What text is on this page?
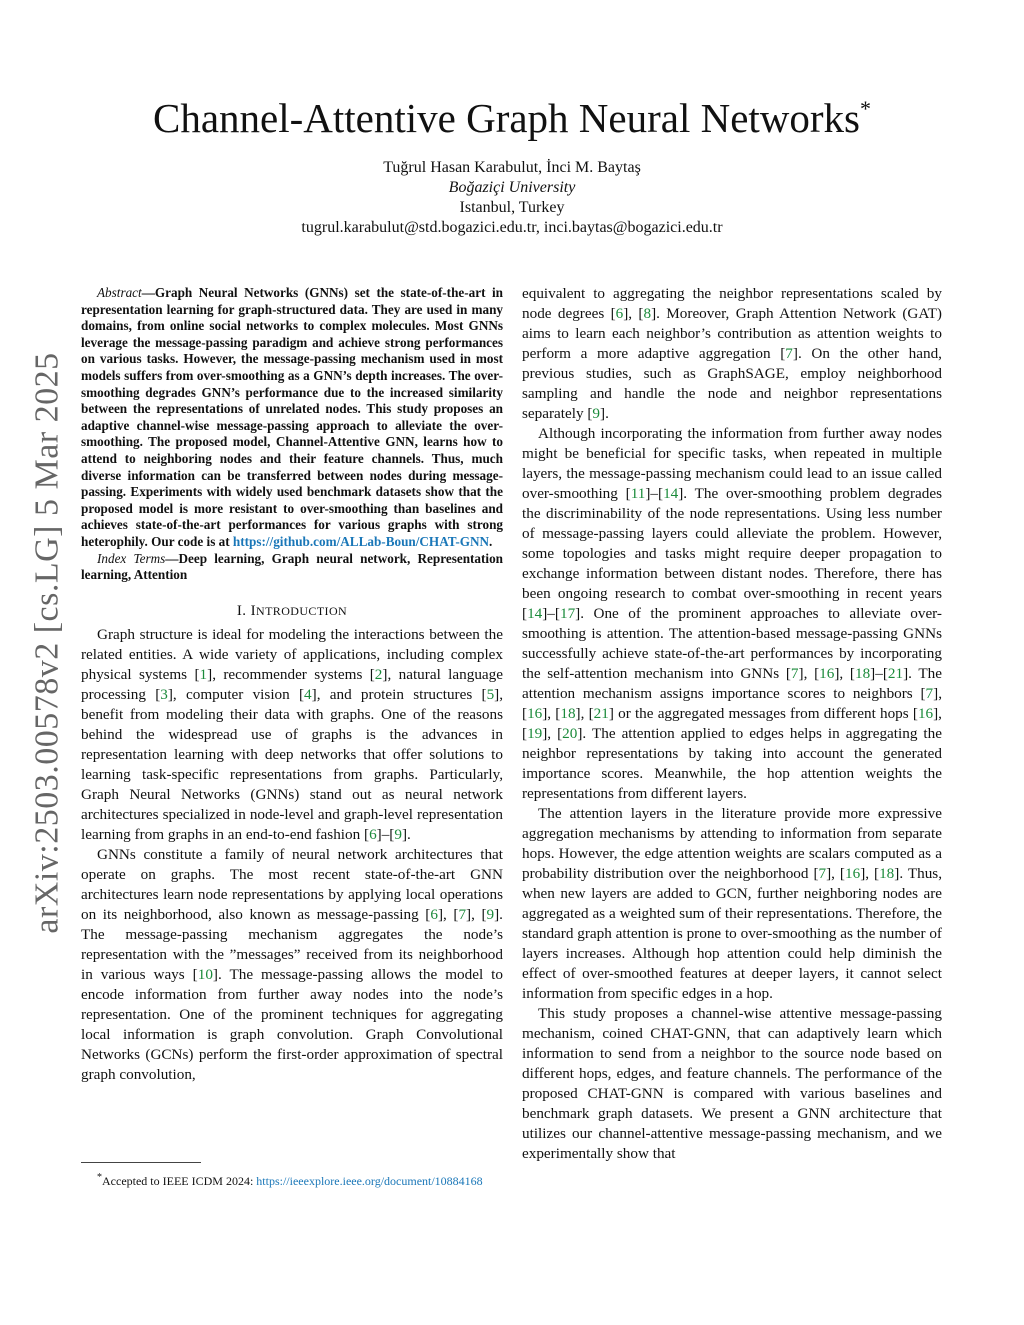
arXiv:2503.00578v2 [cs.LG] 5 Mar 2025
Channel-Attentive Graph Neural Networks*
Tuğrul Hasan Karabulut, İnci M. Baytaş
Boğaziçi University
Istanbul, Turkey
tugrul.karabulut@std.bogazici.edu.tr, inci.baytas@bogazici.edu.tr

Abstract—Graph Neural Networks (GNNs) set the state-of-the-art in representation learning for graph-structured data. They are used in many domains, from online social networks to complex molecules. Most GNNs leverage the message-passing paradigm and achieve strong performances on various tasks. However, the message-passing mechanism used in most models suffers from over-smoothing as a GNN’s depth increases. The over-smoothing degrades GNN’s performance due to the increased similarity between the representations of unrelated nodes. This study proposes an adaptive channel-wise message-passing approach to alleviate the over-smoothing. The proposed model, Channel-Attentive GNN, learns how to attend to neighboring nodes and their feature channels. Thus, much diverse information can be transferred between nodes during message-passing. Experiments with widely used benchmark datasets show that the proposed model is more resistant to over-smoothing than baselines and achieves state-of-the-art performances for various graphs with strong heterophily. Our code is at https://github.com/ALLab-Boun/CHAT-GNN.

Index Terms—Deep learning, Graph neural network, Representation learning, Attention

I. INTRODUCTION

Graph structure is ideal for modeling the interactions between the related entities. A wide variety of applications, including complex physical systems [1], recommender systems [2], natural language processing [3], computer vision [4], and protein structures [5], benefit from modeling their data with graphs. One of the reasons behind the widespread use of graphs is the advances in representation learning with deep networks that offer solutions to learning task-specific representations from graphs. Particularly, Graph Neural Networks (GNNs) stand out as neural network architectures specialized in node-level and graph-level representation learning from graphs in an end-to-end fashion [6]–[9].

GNNs constitute a family of neural network architectures that operate on graphs. The most recent state-of-the-art GNN architectures learn node representations by applying local operations on its neighborhood, also known as message-passing [6], [7], [9]. The message-passing mechanism aggregates the node’s representation with the ”messages” received from its neighborhood in various ways [10]. The message-passing allows the model to encode information from further away nodes into the node’s representation. One of the prominent techniques for aggregating local information is graph convolution. Graph Convolutional Networks (GCNs) perform the first-order approximation of spectral graph convolution,

*Accepted to IEEE ICDM 2024: https://ieeexplore.ieee.org/document/10884168

equivalent to aggregating the neighbor representations scaled by node degrees [6], [8]. Moreover, Graph Attention Network (GAT) aims to learn each neighbor’s contribution as attention weights to perform a more adaptive aggregation [7]. On the other hand, previous studies, such as GraphSAGE, employ neighborhood sampling and handle the node and neighbor representations separately [9].

Although incorporating the information from further away nodes might be beneficial for specific tasks, when repeated in multiple layers, the message-passing mechanism could lead to an issue called over-smoothing [11]–[14]. The over-smoothing problem degrades the discriminability of the node representations. Using less number of message-passing layers could alleviate the problem. However, some topologies and tasks might require deeper propagation to exchange information between distant nodes. Therefore, there has been ongoing research to combat over-smoothing in recent years [14]–[17]. One of the prominent approaches to alleviate over-smoothing is attention. The attention-based message-passing GNNs successfully achieve state-of-the-art performances by incorporating the self-attention mechanism into GNNs [7], [16], [18]–[21]. The attention mechanism assigns importance scores to neighbors [7], [16], [18], [21] or the aggregated messages from different hops [16], [19], [20]. The attention applied to edges helps in aggregating the neighbor representations by taking into account the generated importance scores. Meanwhile, the hop attention weights the representations from different layers.

The attention layers in the literature provide more expressive aggregation mechanisms by attending to information from separate hops. However, the edge attention weights are scalars computed as a probability distribution over the neighborhood [7], [16], [18]. Thus, when new layers are added to GCN, further neighboring nodes are aggregated as a weighted sum of their representations. Therefore, the standard graph attention is prone to over-smoothing as the number of layers increases. Although hop attention could help diminish the effect of over-smoothed features at deeper layers, it cannot select information from specific edges in a hop.

This study proposes a channel-wise attentive message-passing mechanism, coined CHAT-GNN, that can adaptively learn which information to send from a neighbor to the source node based on different hops, edges, and feature channels. The performance of the proposed CHAT-GNN is compared with various baselines and benchmark graph datasets. We present a GNN architecture that utilizes our channel-attentive message-passing mechanism, and we experimentally show that
